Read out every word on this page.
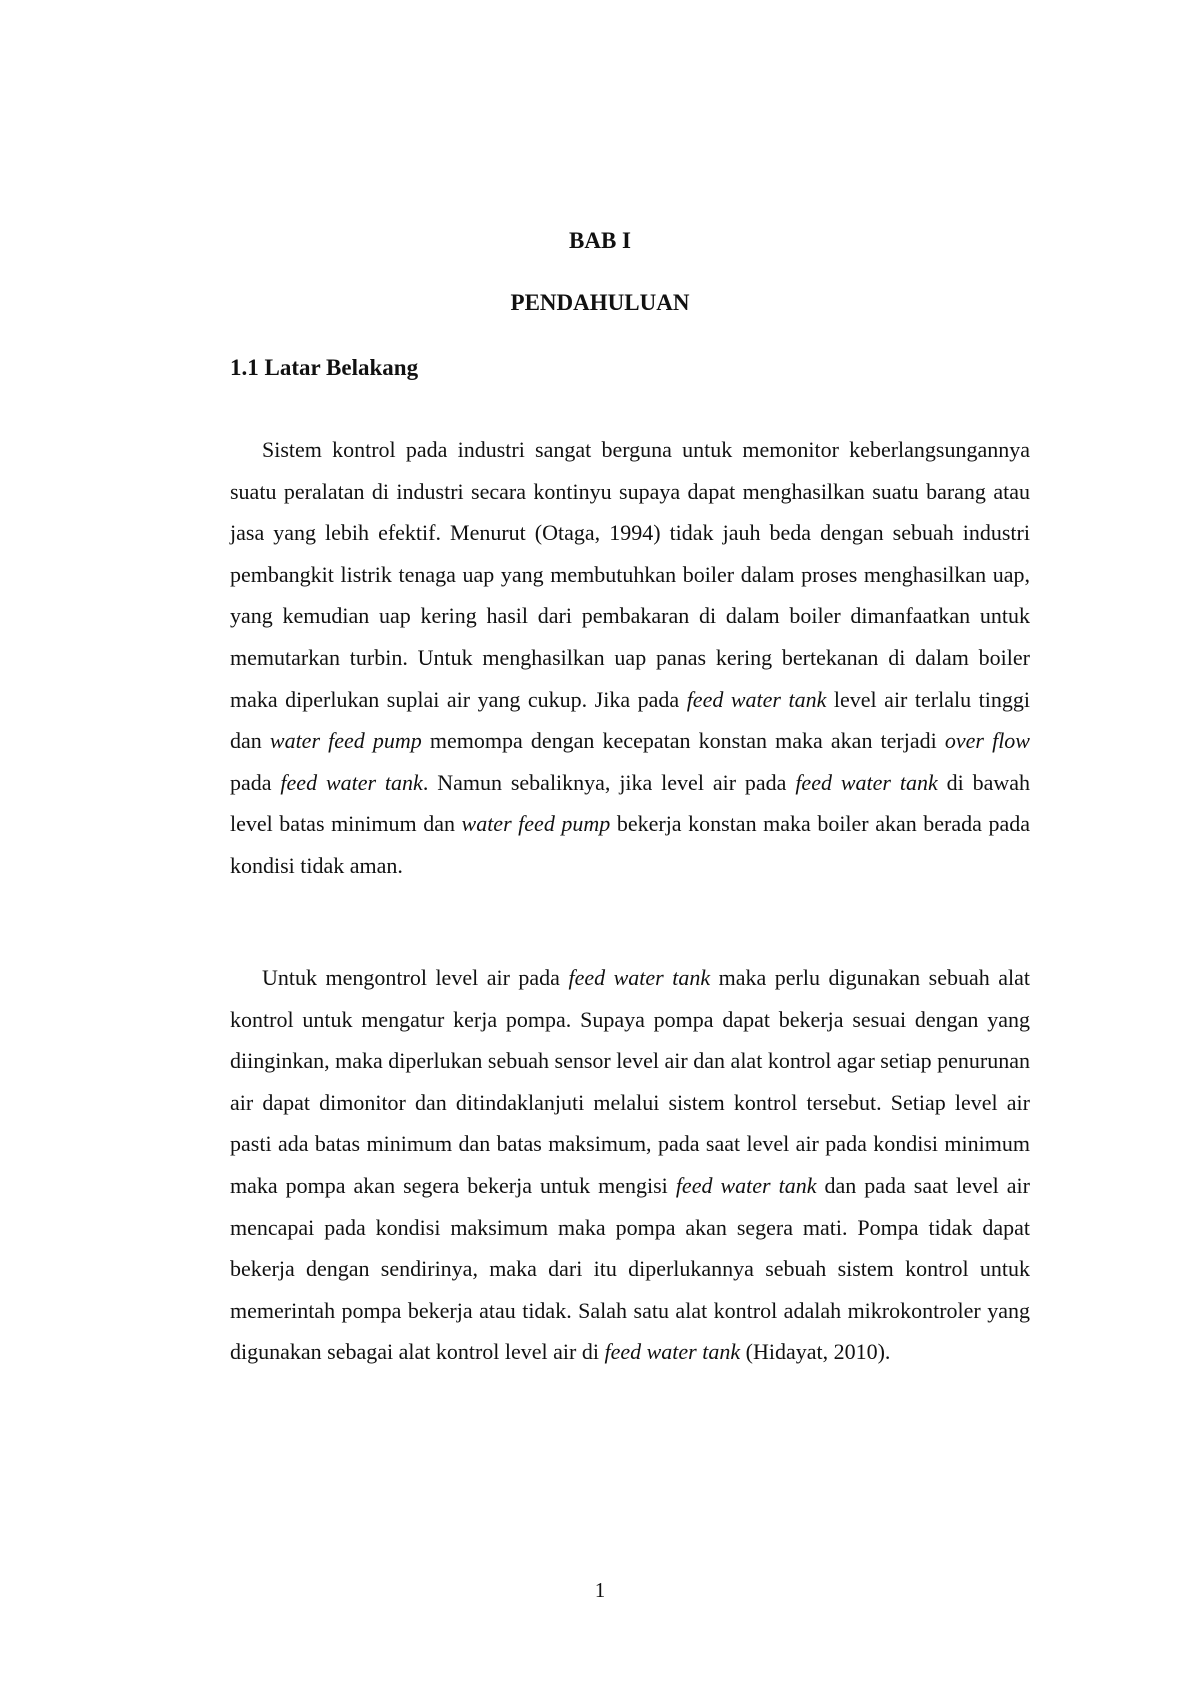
BAB I
PENDAHULUAN
1.1 Latar Belakang

Sistem kontrol pada industri sangat berguna untuk memonitor keberlangsungannya suatu peralatan di industri secara kontinyu supaya dapat menghasilkan suatu barang atau jasa yang lebih efektif. Menurut (Otaga, 1994) tidak jauh beda dengan sebuah industri pembangkit listrik tenaga uap yang membutuhkan boiler dalam proses menghasilkan uap, yang kemudian uap kering hasil dari pembakaran di dalam boiler dimanfaatkan untuk memutarkan turbin. Untuk menghasilkan uap panas kering bertekanan di dalam boiler maka diperlukan suplai air yang cukup. Jika pada feed water tank level air terlalu tinggi dan water feed pump memompa dengan kecepatan konstan maka akan terjadi over flow pada feed water tank. Namun sebaliknya, jika level air pada feed water tank di bawah level batas minimum dan water feed pump bekerja konstan maka boiler akan berada pada kondisi tidak aman.

Untuk mengontrol level air pada feed water tank maka perlu digunakan sebuah alat kontrol untuk mengatur kerja pompa. Supaya pompa dapat bekerja sesuai dengan yang diinginkan, maka diperlukan sebuah sensor level air dan alat kontrol agar setiap penurunan air dapat dimonitor dan ditindaklanjuti melalui sistem kontrol tersebut. Setiap level air pasti ada batas minimum dan batas maksimum, pada saat level air pada kondisi minimum maka pompa akan segera bekerja untuk mengisi feed water tank dan pada saat level air mencapai pada kondisi maksimum maka pompa akan segera mati. Pompa tidak dapat bekerja dengan sendirinya, maka dari itu diperlukannya sebuah sistem kontrol untuk memerintah pompa bekerja atau tidak. Salah satu alat kontrol adalah mikrokontroler yang digunakan sebagai alat kontrol level air di feed water tank (Hidayat, 2010).

1
